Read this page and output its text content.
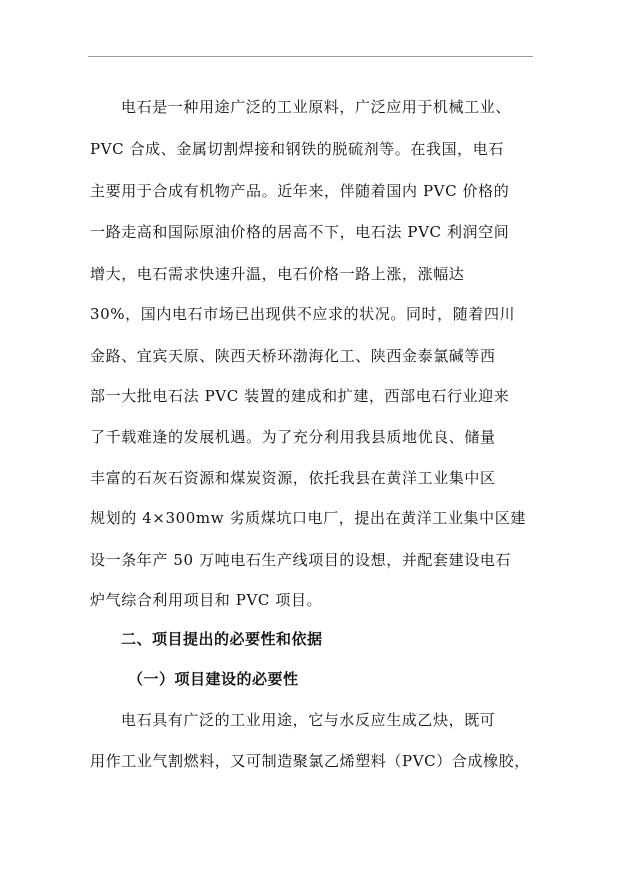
电石是一种用途广泛的工业原料，广泛应用于机械工业、
PVC 合成、金属切割焊接和钢铁的脱硫剂等。在我国，电石
主要用于合成有机物产品。近年来，伴随着国内 PVC 价格的
一路走高和国际原油价格的居高不下，电石法 PVC 利润空间
增大，电石需求快速升温，电石价格一路上涨，涨幅达
30%，国内电石市场已出现供不应求的状况。同时，随着四川
金路、宜宾天原、陕西天桥环渤海化工、陕西金泰氯碱等西
部一大批电石法 PVC 装置的建成和扩建，西部电石行业迎来
了千载难逢的发展机遇。为了充分利用我县质地优良、储量
丰富的石灰石资源和煤炭资源，依托我县在黄洋工业集中区
规划的 4×300mw 劣质煤坑口电厂，提出在黄洋工业集中区建
设一条年产 50 万吨电石生产线项目的设想，并配套建设电石
炉气综合利用项目和 PVC 项目。
二、项目提出的必要性和依据
（一）项目建设的必要性
电石具有广泛的工业用途，它与水反应生成乙炔，既可
用作工业气割燃料，又可制造聚氯乙烯塑料（PVC）合成橡胶，
